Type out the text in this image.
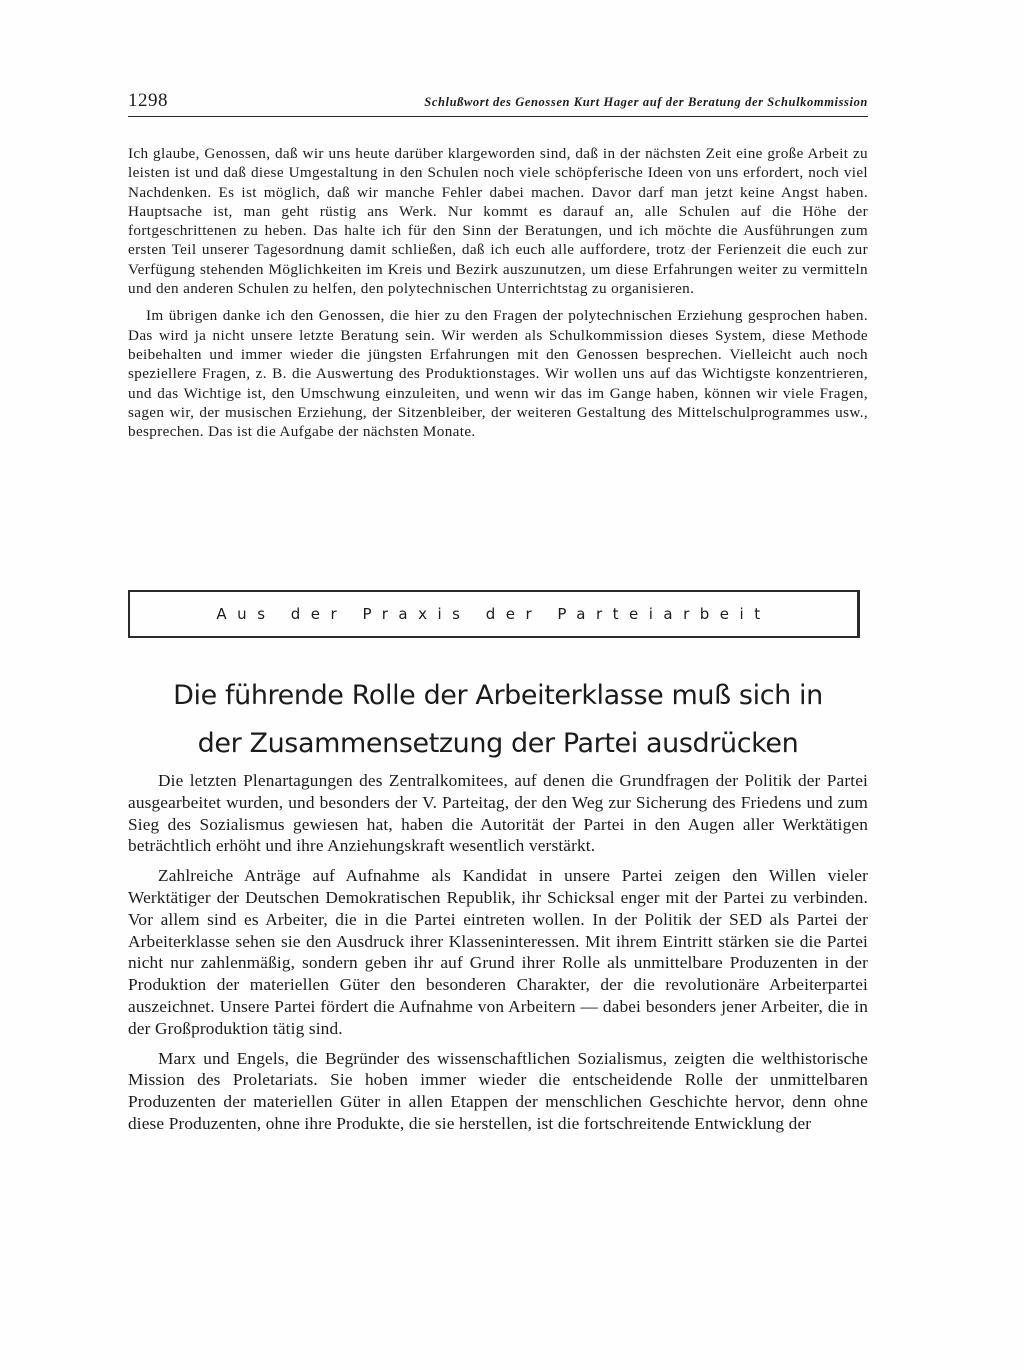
1298	Schlußwort des Genossen Kurt Hager auf der Beratung der Schulkommission

Ich glaube, Genossen, daß wir uns heute darüber klargeworden sind, daß in der nächsten Zeit eine große Arbeit zu leisten ist und daß diese Umgestaltung in den Schulen noch viele schöpferische Ideen von uns erfordert, noch viel Nachdenken. Es ist möglich, daß wir manche Fehler dabei machen. Davor darf man jetzt keine Angst haben. Hauptsache ist, man geht rüstig ans Werk. Nur kommt es darauf an, alle Schulen auf die Höhe der fortgeschrittenen zu heben. Das halte ich für den Sinn der Beratungen, und ich möchte die Ausführungen zum ersten Teil unserer Tagesordnung damit schließen, daß ich euch alle auffordere, trotz der Ferienzeit die euch zur Verfügung stehenden Möglichkeiten im Kreis und Bezirk auszunutzen, um diese Erfahrungen weiter zu vermitteln und den anderen Schulen zu helfen, den polytechnischen Unterrichtstag zu organisieren.

Im übrigen danke ich den Genossen, die hier zu den Fragen der polytechnischen Erziehung gesprochen haben. Das wird ja nicht unsere letzte Beratung sein. Wir werden als Schulkommission dieses System, diese Methode beibehalten und immer wieder die jüngsten Erfahrungen mit den Genossen besprechen. Vielleicht auch noch speziellere Fragen, z. B. die Auswertung des Produktionstages. Wir wollen uns auf das Wichtigste konzentrieren, und das Wichtige ist, den Umschwung einzuleiten, und wenn wir das im Gange haben, können wir viele Fragen, sagen wir, der musischen Erziehung, der Sitzenbleiber, der weiteren Gestaltung des Mittelschulprogrammes usw., besprechen. Das ist die Aufgabe der nächsten Monate.

Aus der Praxis der Parteiarbeit
Die führende Rolle der Arbeiterklasse muß sich in
der Zusammensetzung der Partei ausdrücken

Die letzten Plenartagungen des Zentralkomitees, auf denen die Grundfragen der Politik der Partei ausgearbeitet wurden, und besonders der V. Parteitag, der den Weg zur Sicherung des Friedens und zum Sieg des Sozialismus gewiesen hat, haben die Autorität der Partei in den Augen aller Werktätigen beträchtlich erhöht und ihre Anziehungskraft wesentlich verstärkt.

Zahlreiche Anträge auf Aufnahme als Kandidat in unsere Partei zeigen den Willen vieler Werktätiger der Deutschen Demokratischen Republik, ihr Schicksal enger mit der Partei zu verbinden. Vor allem sind es Arbeiter, die in die Partei eintreten wollen. In der Politik der SED als Partei der Arbeiterklasse sehen sie den Ausdruck ihrer Klasseninteressen. Mit ihrem Eintritt stärken sie die Partei nicht nur zahlenmäßig, sondern geben ihr auf Grund ihrer Rolle als unmittelbare Produzenten in der Produktion der materiellen Güter den besonderen Charakter, der die revolutionäre Arbeiterpartei auszeichnet. Unsere Partei fördert die Aufnahme von Arbeitern — dabei besonders jener Arbeiter, die in der Großproduktion tätig sind.

Marx und Engels, die Begründer des wissenschaftlichen Sozialismus, zeigten die welthistorische Mission des Proletariats. Sie hoben immer wieder die entscheidende Rolle der unmittelbaren Produzenten der materiellen Güter in allen Etappen der menschlichen Geschichte hervor, denn ohne diese Produzenten, ohne ihre Produkte, die sie herstellen, ist die fortschreitende Entwicklung der
